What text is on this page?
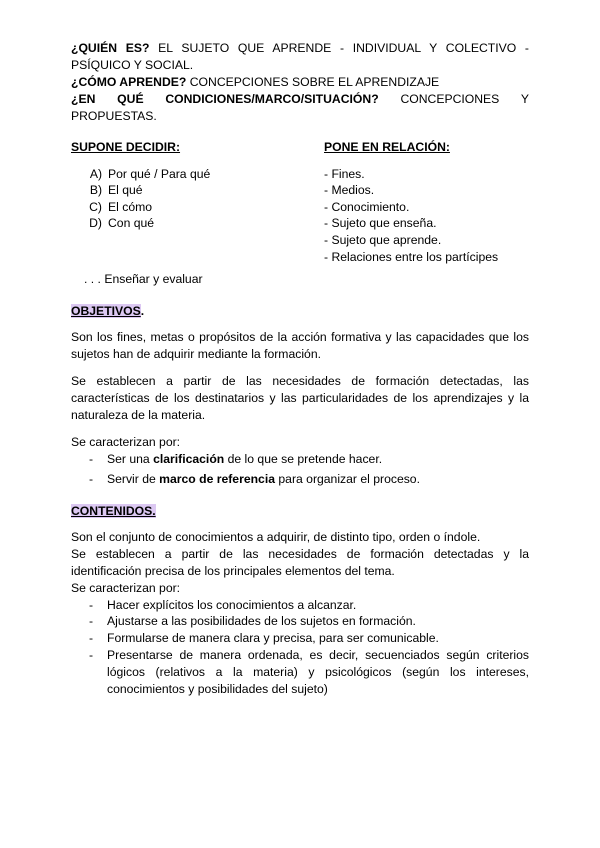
¿QUIÉN ES? EL SUJETO QUE APRENDE - INDIVIDUAL Y COLECTIVO - PSÍQUICO Y SOCIAL.

¿CÓMO APRENDE? CONCEPCIONES SOBRE EL APRENDIZAJE

¿EN QUÉ CONDICIONES/MARCO/SITUACIÓN? CONCEPCIONES Y PROPUESTAS.

SUPONE DECIDIR:
A) Por qué / Para qué
B) El qué
C) El cómo
D) Con qué
PONE EN RELACIÓN:
- Fines.
- Medios.
- Conocimiento.
- Sujeto que enseña.
- Sujeto que aprende.
- Relaciones entre los partícipes
. . . Enseñar y evaluar
OBJETIVOS.

Son los fines, metas o propósitos de la acción formativa y las capacidades que los sujetos han de adquirir mediante la formación.

Se establecen a partir de las necesidades de formación detectadas, las características de los destinatarios y las particularidades de los aprendizajes y la naturaleza de la materia.

Se caracterizan por:

- Ser una clarificación de lo que se pretende hacer.
- Servir de marco de referencia para organizar el proceso.
CONTENIDOS.

Son el conjunto de conocimientos a adquirir, de distinto tipo, orden o índole.

Se establecen a partir de las necesidades de formación detectadas y la identificación precisa de los principales elementos del tema.

Se caracterizan por:

- Hacer explícitos los conocimientos a alcanzar.
- Ajustarse a las posibilidades de los sujetos en formación.
- Formularse de manera clara y precisa, para ser comunicable.
- Presentarse de manera ordenada, es decir, secuenciados según criterios lógicos (relativos a la materia) y psicológicos (según los intereses, conocimientos y posibilidades del sujeto)
